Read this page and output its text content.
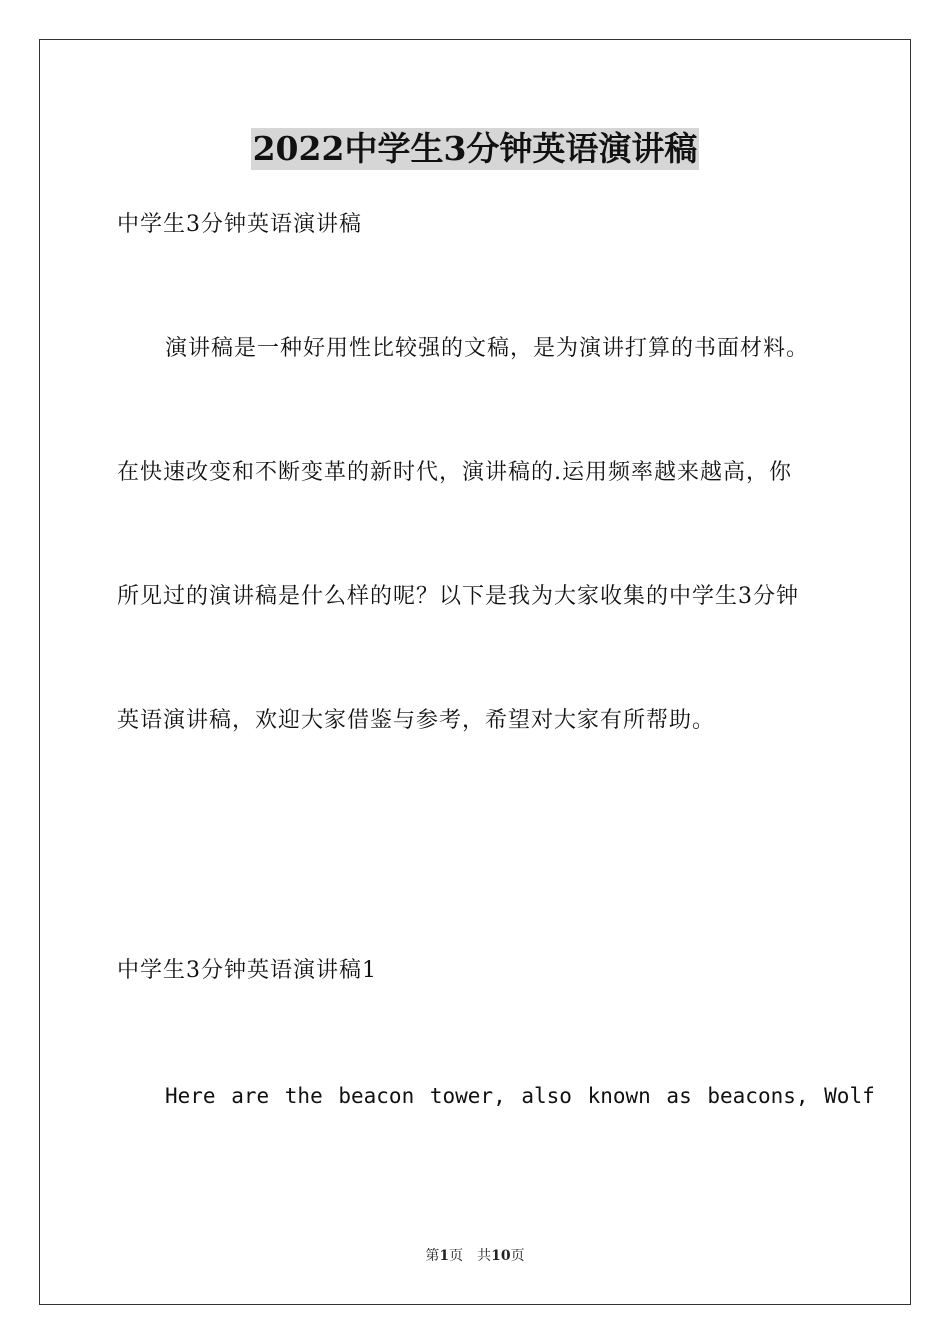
2022中学生3分钟英语演讲稿
中学生3分钟英语演讲稿
演讲稿是一种好用性比较强的文稿，是为演讲打算的书面材料。
在快速改变和不断变革的新时代，演讲稿的.运用频率越来越高，你
所见过的演讲稿是什么样的呢？以下是我为大家收集的中学生3分钟
英语演讲稿，欢迎大家借鉴与参考，希望对大家有所帮助。
中学生3分钟英语演讲稿1
Here are the beacon tower, also known as beacons, Wolf
第1页 共10页
